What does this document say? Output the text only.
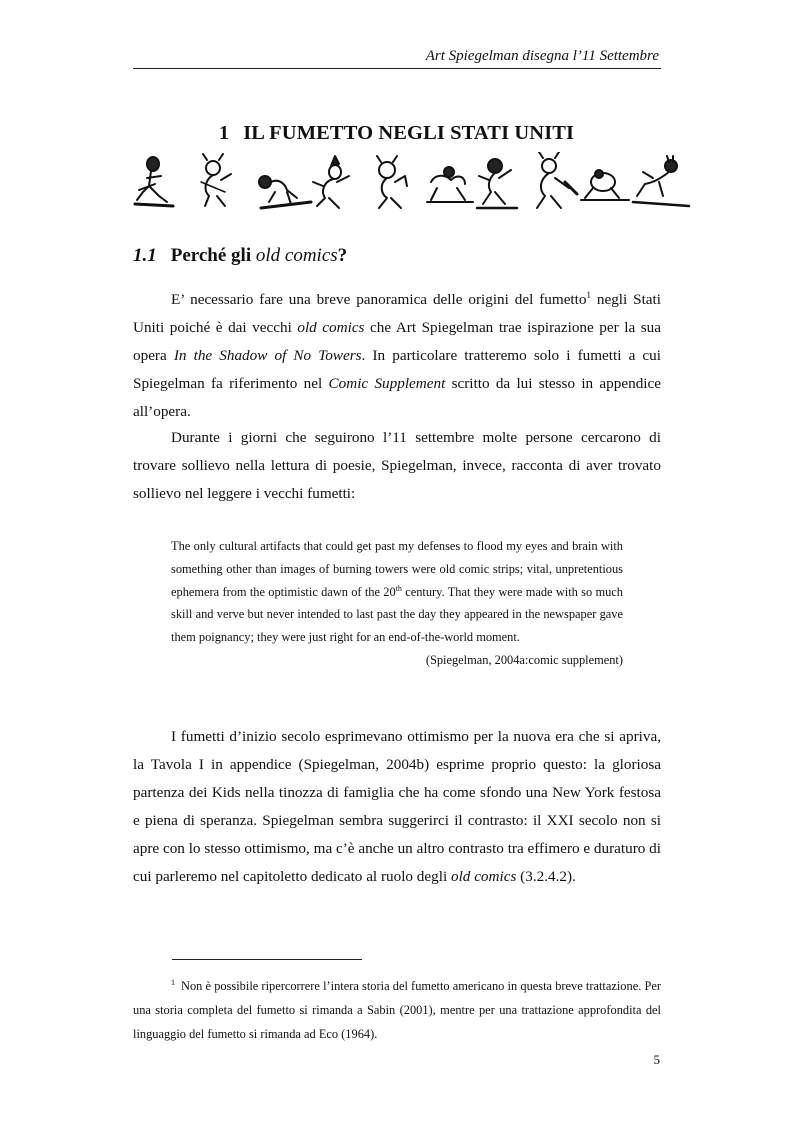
Art Spiegelman disegna l’11 Settembre
1 IL FUMETTO NEGLI STATI UNITI
1.1 Perché gli old comics?

E’ necessario fare una breve panoramica delle origini del fumetto$^1$ negli Stati Uniti poiché è dai vecchi old comics che Art Spiegelman trae ispirazione per la sua opera In the Shadow of No Towers. In particolare tratteremo solo i fumetti a cui Spiegelman fa riferimento nel Comic Supplement scritto da lui stesso in appendice all’opera.

Durante i giorni che seguirono l’11 settembre molte persone cercarono di trovare sollievo nella lettura di poesie, Spiegelman, invece, racconta di aver trovato sollievo nel leggere i vecchi fumetti:

The only cultural artifacts that could get past my defenses to flood my eyes and brain with something other than images of burning towers were old comic strips; vital, unpretentious ephemera from the optimistic dawn of the 20th century. That they were made with so much skill and verve but never intended to last past the day they appeared in the newspaper gave them poignancy; they were just right for an end-of-the-world moment.
(Spiegelman, 2004a:comic supplement)

I fumetti d’inizio secolo esprimevano ottimismo per la nuova era che si apriva, la Tavola I in appendice (Spiegelman, 2004b) esprime proprio questo: la gloriosa partenza dei Kids nella tinozza di famiglia che ha come sfondo una New York festosa e piena di speranza. Spiegelman sembra suggerirci il contrasto: il XXI secolo non si apre con lo stesso ottimismo, ma c’è anche un altro contrasto tra effimero e duraturo di cui parleremo nel capitoletto dedicato al ruolo degli old comics (3.2.4.2).

$^1$ Non è possibile ripercorrere l’intera storia del fumetto americano in questa breve trattazione. Per una storia completa del fumetto si rimanda a Sabin (2001), mentre per una trattazione approfondita del linguaggio del fumetto si rimanda ad Eco (1964).

5
